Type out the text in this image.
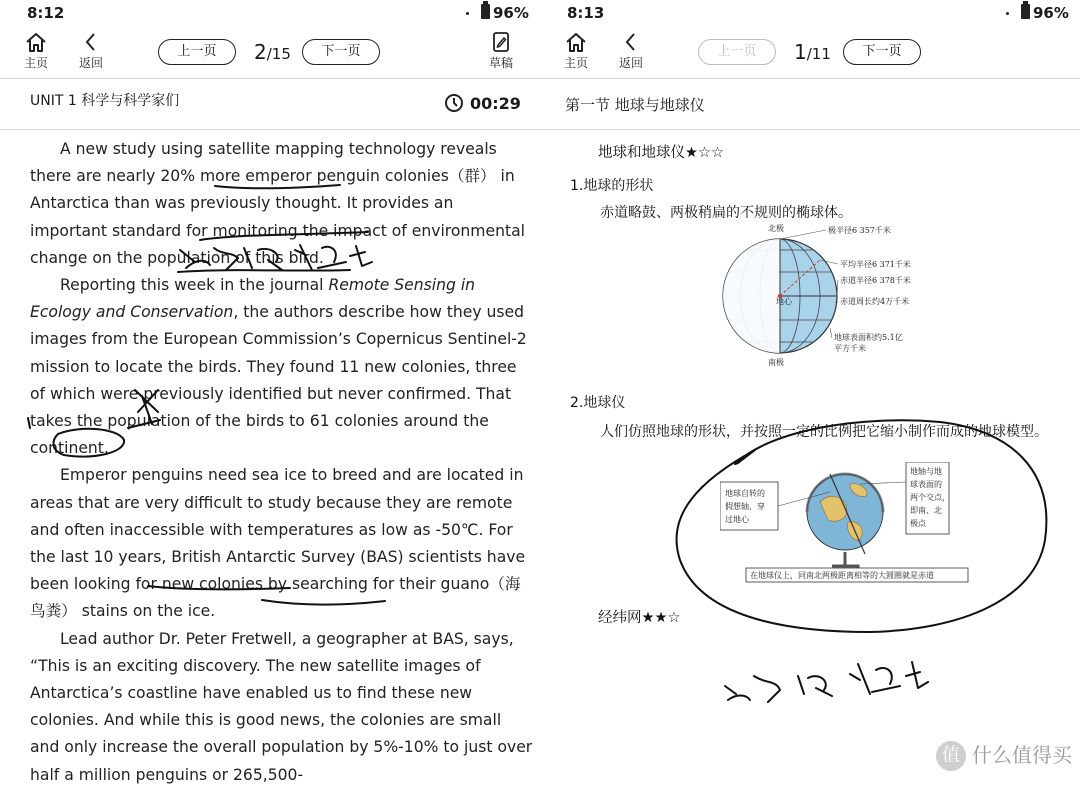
8:12	96%
主页	返回
上一页	2/15	下一页
草稿
UNIT 1 科学与科学家们	00:29

A new study using satellite mapping technology reveals there are nearly 20% more emperor penguin colonies（群） in Antarctica than was previously thought. It provides an important standard for monitoring the impact of environmental change on the population of this bird.

Reporting this week in the journal Remote Sensing in Ecology and Conservation, the authors describe how they used images from the European Commission’s Copernicus Sentinel-2 mission to locate the birds. They found 11 new colonies, three of which were previously identified but never confirmed. That takes the population of the birds to 61 colonies around the continent.

Emperor penguins need sea ice to breed and are located in areas that are very difficult to study because they are remote and often inaccessible with temperatures as low as -50℃. For the last 10 years, British Antarctic Survey (BAS) scientists have been looking for new colonies by searching for their guano（海鸟粪） stains on the ice.

Lead author Dr. Peter Fretwell, a geographer at BAS, says, “This is an exciting discovery. The new satellite images of Antarctica’s coastline have enabled us to find these new colonies. And while this is good news, the colonies are small and only increase the overall population by 5%-10% to just over half a million penguins or 265,500-

8:13	96%
主页	返回
上一页	1/11	下一页
第一节 地球与地球仪
地球和地球仪★☆☆
1.地球的形状
赤道略鼓、两极稍扁的不规则的椭球体。
北极
南极
地心
极半径6 357千米
平均半径6 371千米
赤道半径6 378千米
赤道周长约4万千米
地球表面积约5.1亿
平方千米
2.地球仪
人们仿照地球的形状，并按照一定的比例把它缩小制作而成的地球模型。
地球自转的
假想轴，穿
过地心
地轴与地
球表面的
两个交点，
即南、北
极点
在地球仪上，同南北两极距离相等的大圆圈就是赤道
经纬网★★☆
值 什么值得买
